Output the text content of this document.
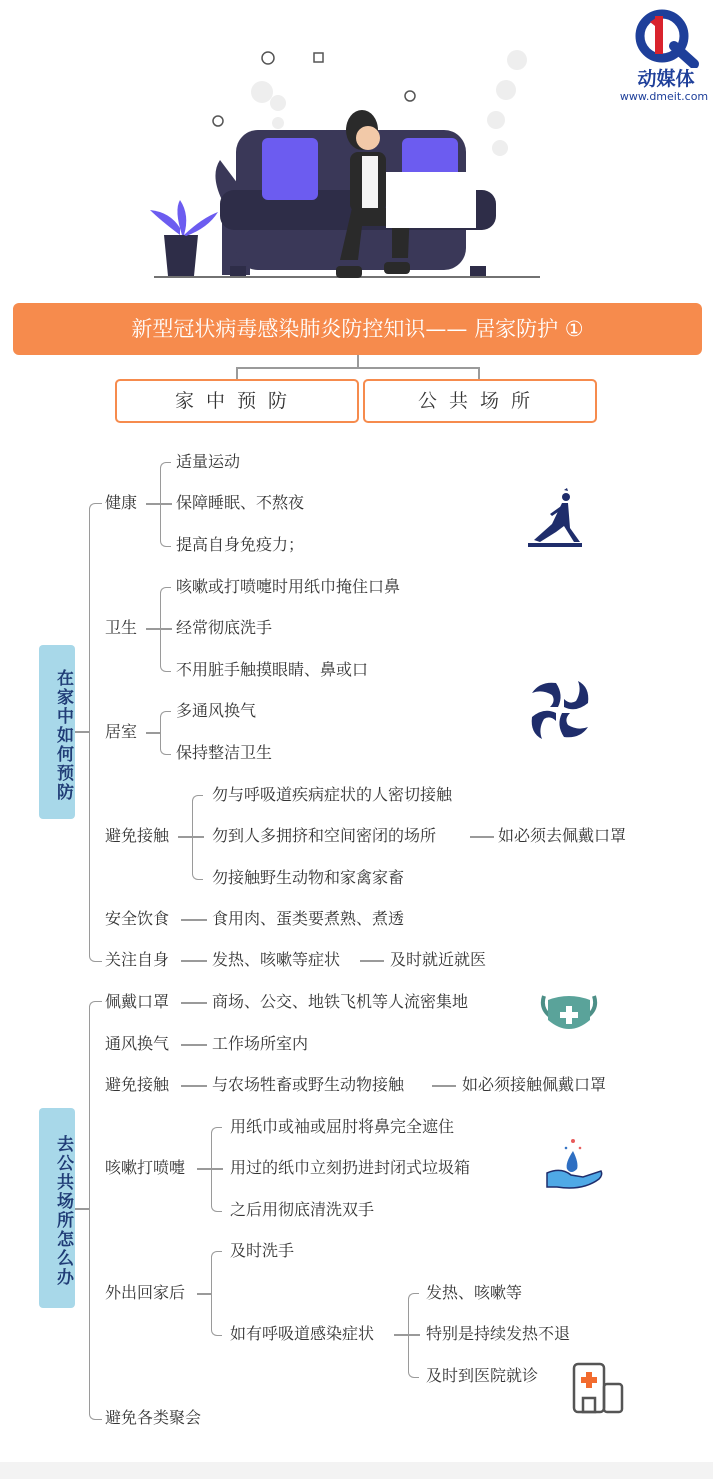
动媒体
www.dmeit.com
新型冠状病毒感染肺炎防控知识—— 居家防护 ①
家中预防	公共场所
在家中如何预防
健康
适量运动
保障睡眠、不熬夜
提高自身免疫力；
卫生
咳嗽或打喷嚏时用纸巾掩住口鼻
经常彻底洗手
不用脏手触摸眼睛、鼻或口
居室
多通风换气
保持整洁卫生
避免接触
勿与呼吸道疾病症状的人密切接触
勿到人多拥挤和空间密闭的场所	如必须去佩戴口罩
勿接触野生动物和家禽家畜
安全饮食	食用肉、蛋类要煮熟、煮透
关注自身	发热、咳嗽等症状	及时就近就医
去公共场所怎么办
佩戴口罩	商场、公交、地铁飞机等人流密集地
通风换气	工作场所室内
避免接触	与农场牲畜或野生动物接触	如必须接触佩戴口罩
咳嗽打喷嚏
用纸巾或袖或屈肘将鼻完全遮住
用过的纸巾立刻扔进封闭式垃圾箱
之后用彻底清洗双手
外出回家后
及时洗手
如有呼吸道感染症状
发热、咳嗽等
特别是持续发热不退
及时到医院就诊
避免各类聚会
